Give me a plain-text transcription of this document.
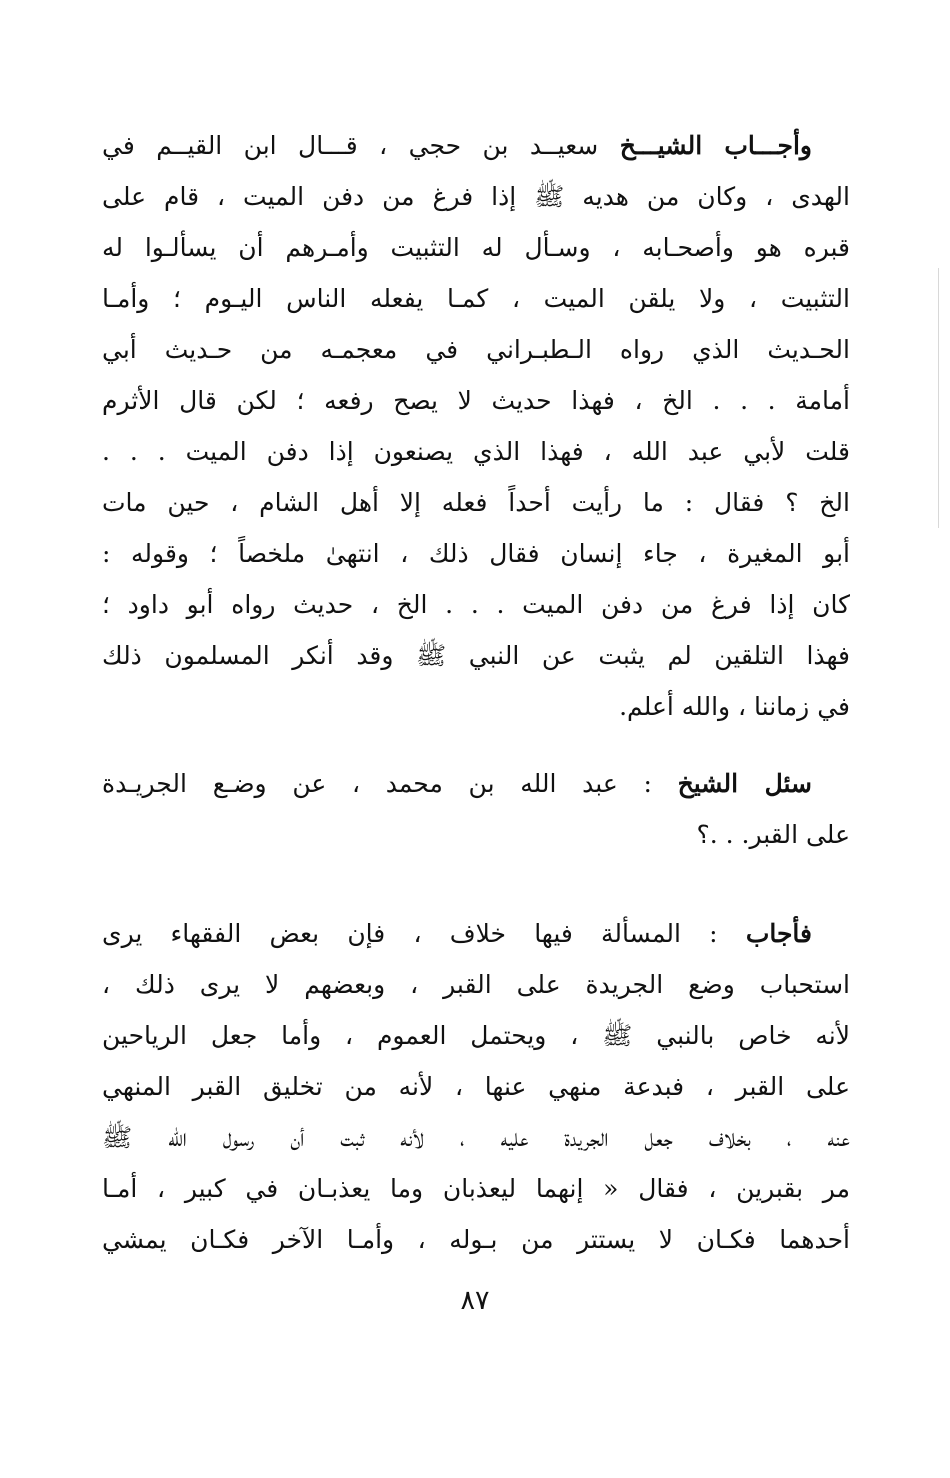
وأجـــاب الشيـــخ سعيــد بن حجي ، قـــال ابن القيــم في
الهدى ، وكان من هديه ﷺ إذا فرغ من دفن الميت ، قام على
قبره هو وأصحـابه ، وسـأل له التثبيت وأمـرهم أن يسألـوا له
التثبيت ، ولا يلقن الميت ، كمـا يفعله الناس اليـوم ؛ وأمـا
الحـديث الذي رواه الـطبـراني في معجمـه من حـديث أبي
أمامة . . . الخ ، فهذا حديث لا يصح رفعه ؛ لكن قال الأثرم
قلت لأبي عبد الله ، فهذا الذي يصنعون إذا دفن الميت . . .
الخ ؟ فقال : ما رأيت أحداً فعله إلا أهل الشام ، حين مات
أبو المغيرة ، جاء إنسان فقال ذلك ، انتهىٰ ملخصاً ؛ وقوله :
كان إذا فرغ من دفن الميت . . . الخ ، حديث رواه أبو داود ؛
فهذا التلقين لم يثبت عن النبي ﷺ وقد أنكر المسلمون ذلك
في زماننا ، والله أعلم.
سئل الشيخ : عبد الله بن محمد ، عن وضـع الجريـدة
على القبر. . .؟
فأجاب : المسألة فيها خلاف ، فإن بعض الفقهاء يرى
استحباب وضع الجريدة على القبر ، وبعضهم لا يرى ذلك ،
لأنه خاص بالنبي ﷺ ، ويحتمل العموم ، وأما جعل الرياحين
على القبر ، فبدعة منهي عنها ، لأنه من تخليق القبر المنهي
عنه ، بخلاف جعل الجريدة عليه ، لأنه ثبت أن رسول الله ﷺ
مر بقبرين ، فقال « إنهما ليعذبان وما يعذبـان في كبير ، أمـا
أحدهما فكـان لا يستتر من بـوله ، وأمـا الآخر فكـان يمشي
٨٧
